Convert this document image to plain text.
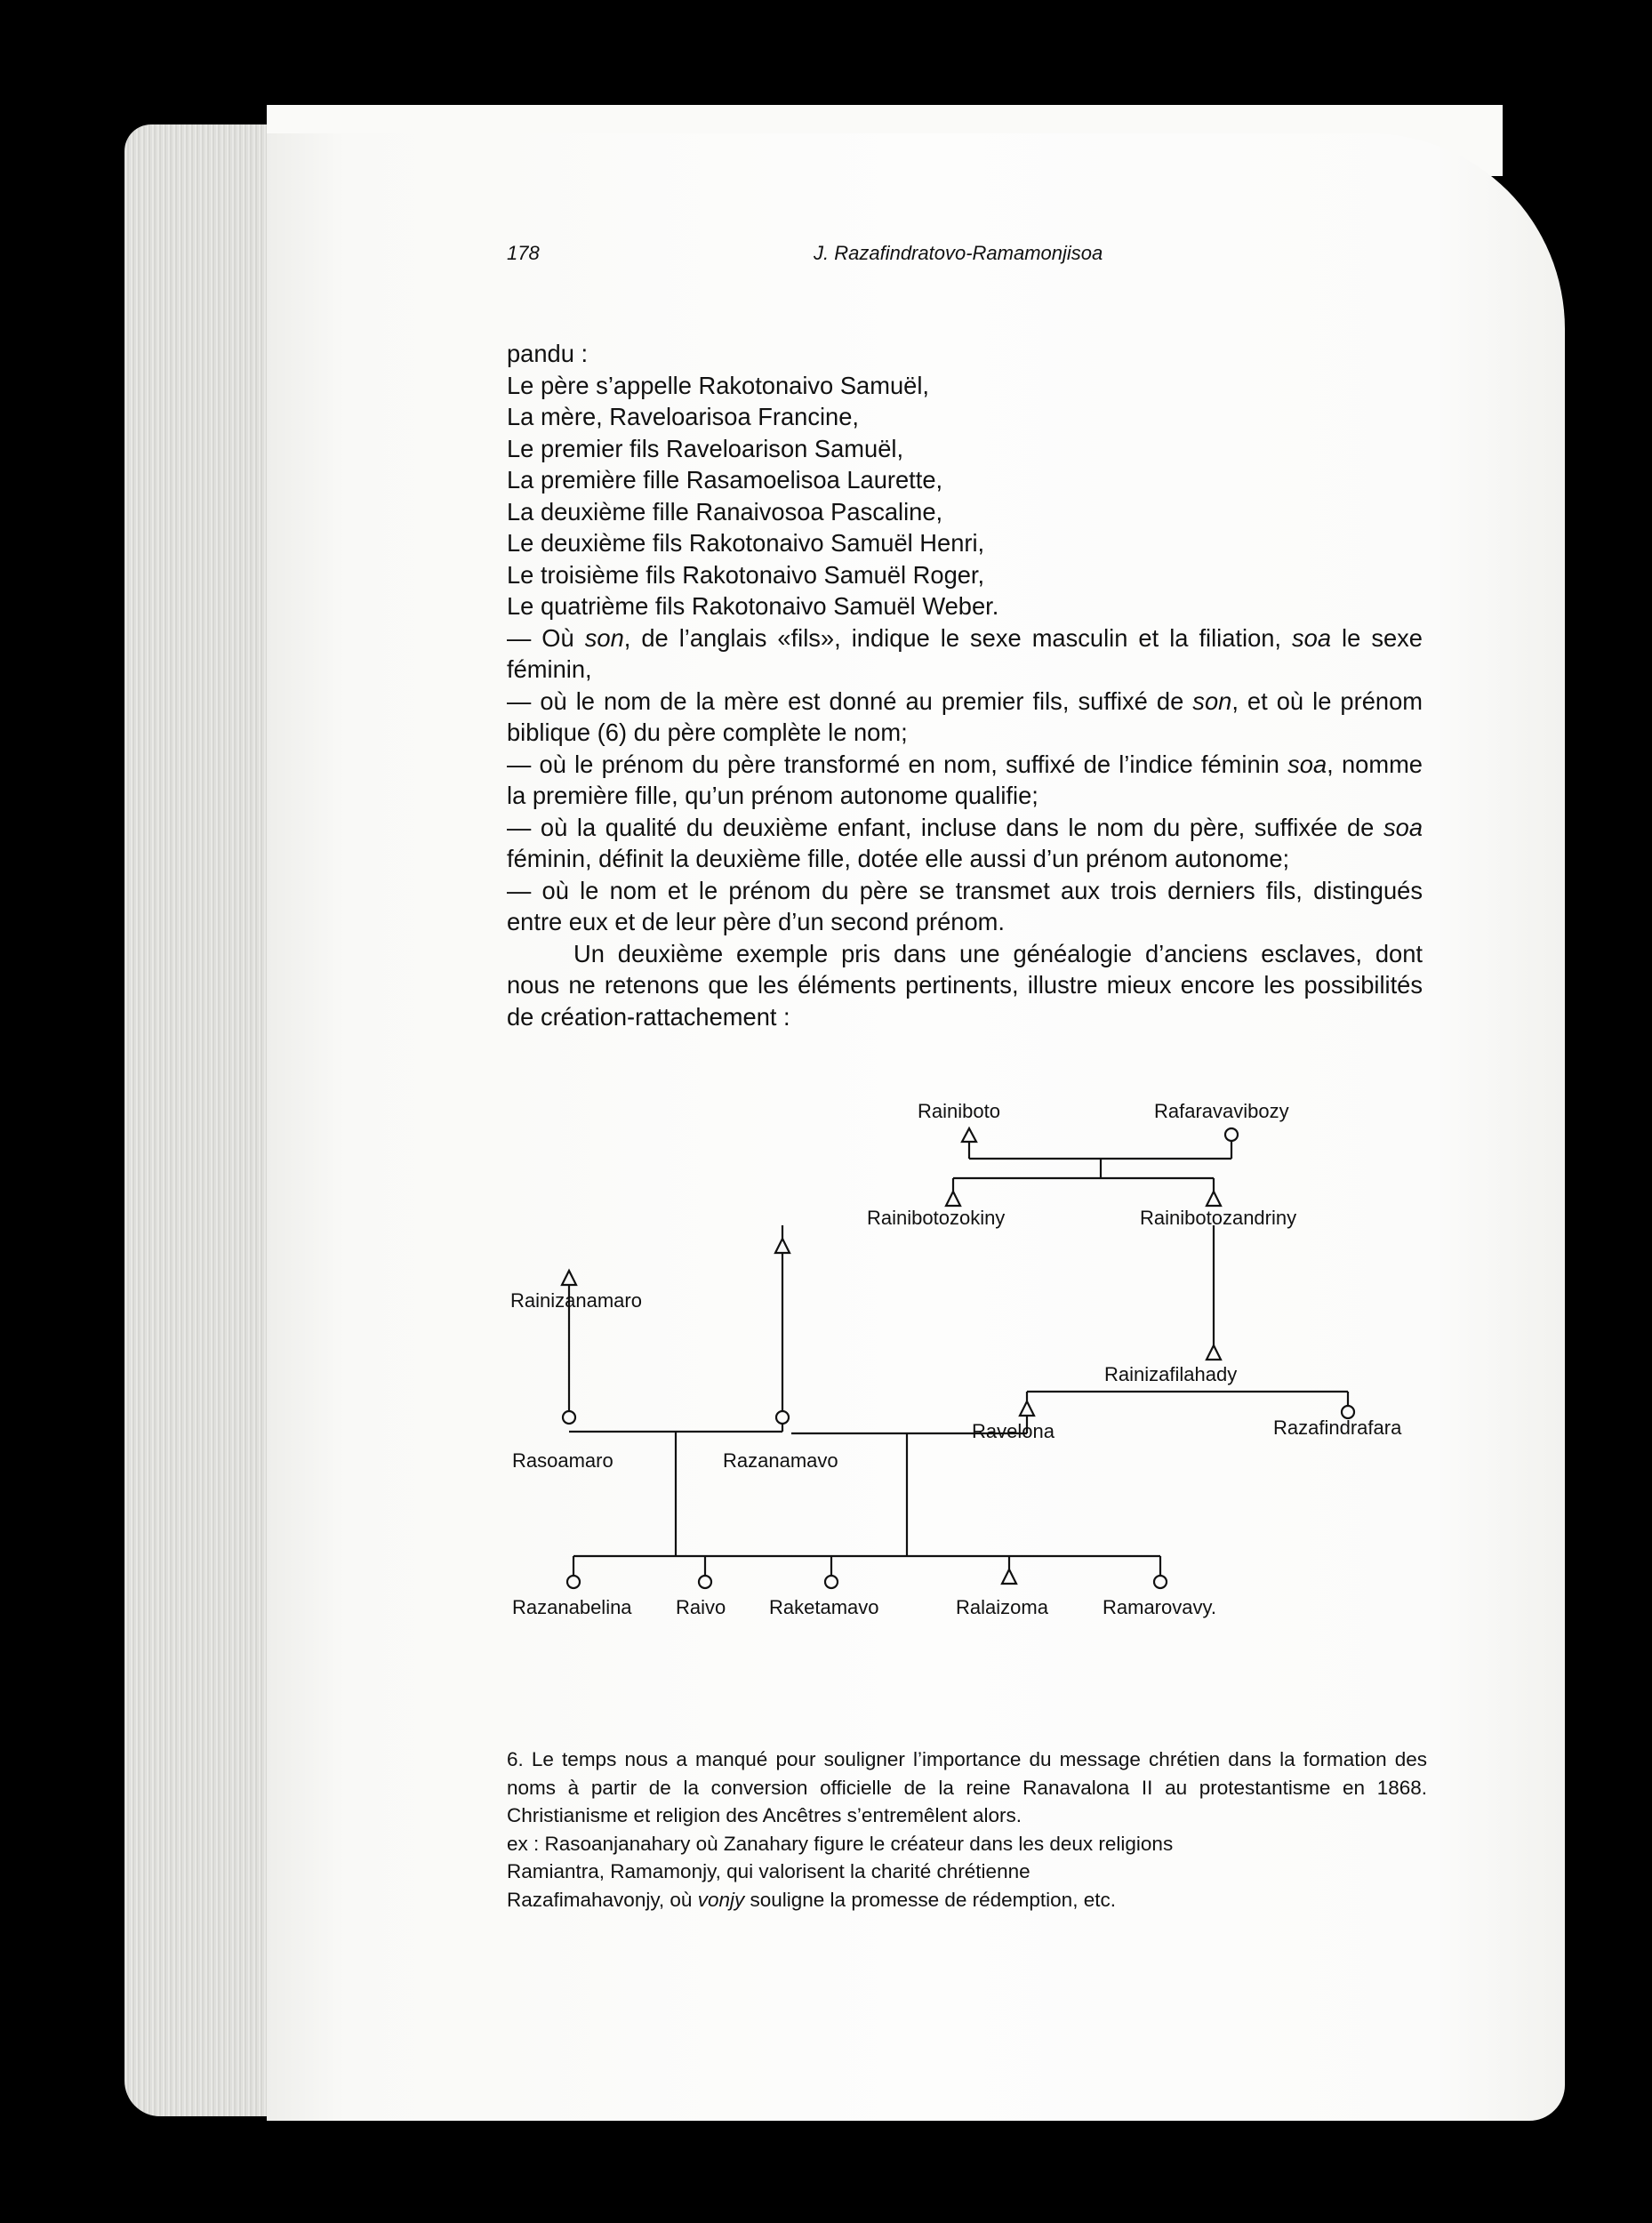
178	J. Razafindratovo-Ramamonjisoa

pandu :

Le père s’appelle Rakotonaivo Samuël,

La mère, Raveloarisoa Francine,

Le premier fils Raveloarison Samuël,

La première fille Rasamoelisoa Laurette,

La deuxième fille Ranaivosoa Pascaline,

Le deuxième fils Rakotonaivo Samuël Henri,

Le troisième fils Rakotonaivo Samuël Roger,

Le quatrième fils Rakotonaivo Samuël Weber.

— Où son, de l’anglais «fils», indique le sexe masculin et la filiation, soa le sexe féminin,

— où le nom de la mère est donné au premier fils, suffixé de son, et où le prénom biblique (6) du père complète le nom;

— où le prénom du père transformé en nom, suffixé de l’indice féminin soa, nomme la première fille, qu’un prénom autonome qualifie;

— où la qualité du deuxième enfant, incluse dans le nom du père, suffixée de soa féminin, définit la deuxième fille, dotée elle aussi d’un prénom autonome;

— où le nom et le prénom du père se transmet aux trois derniers fils, distingués entre eux et de leur père d’un second prénom.

Un deuxième exemple pris dans une généalogie d’anciens esclaves, dont nous ne retenons que les éléments pertinents, illustre mieux encore les possibilités de création-rattachement :

Rainiboto	Rafaravavibozy
Rainibotozokiny	Rainibotozandriny
Rainizanamaro
Rainizafilahady
Ravelona	Razafindrafara
Rasoamaro	Razanamavo
Razanabelina Raivo Raketamavo	Ralaizoma	Ramarovavy.

6. Le temps nous a manqué pour souligner l’importance du message chrétien dans la formation des noms à partir de la conversion officielle de la reine Ranavalona II au protestantisme en 1868. Christianisme et religion des Ancêtres s’entremêlent alors.

ex : Rasoanjanahary où Zanahary figure le créateur dans les deux religions

Ramiantra, Ramamonjy, qui valorisent la charité chrétienne

Razafimahavonjy, où vonjy souligne la promesse de rédemption, etc.
